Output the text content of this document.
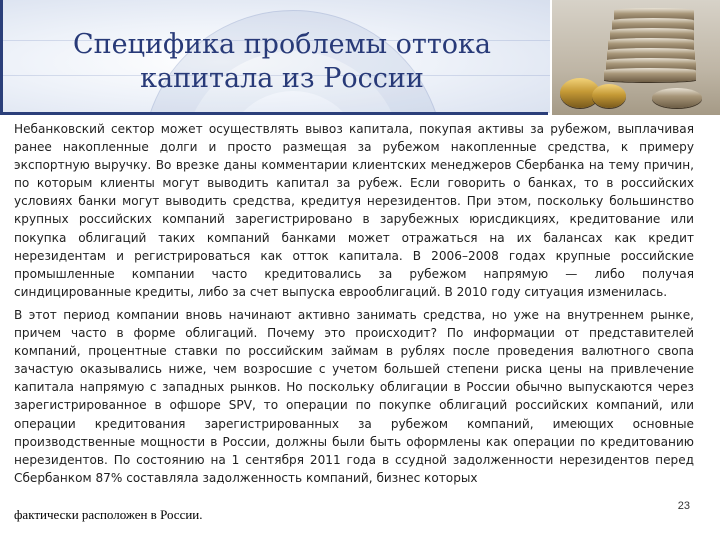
Специфика проблемы оттока
капитала из России

Небанковский сектор может осуществлять вывоз капитала, покупая активы за рубежом, выплачивая ранее накопленные долги и просто размещая за рубежом накопленные средства, к примеру экспортную выручку. Во врезке даны комментарии клиентских менеджеров Сбербанка на тему причин, по которым клиенты могут выводить капитал за рубеж. Если говорить о банках, то в российских условиях банки могут выводить средства, кредитуя нерезидентов. При этом, поскольку большинство крупных российских компаний зарегистрировано в зарубежных юрисдикциях, кредитование или покупка облигаций таких компаний банками может отражаться на их балансах как кредит нерезидентам и регистрироваться как отток капитала. В 2006–2008 годах крупные российские промышленные компании часто кредитовались за рубежом напрямую — либо получая синдицированные кредиты, либо за счет выпуска еврооблигаций. В 2010 году ситуация изменилась.

В этот период компании вновь начинают активно занимать средства, но уже на внутреннем рынке, причем часто в форме облигаций. Почему это происходит? По информации от представителей компаний, процентные ставки по российским займам в рублях после проведения валютного свопа зачастую оказывались ниже, чем возросшие с учетом большей степени риска цены на привлечение капитала напрямую с западных рынков. Но поскольку облигации в России обычно выпускаются через зарегистрированное в офшоре SPV, то операции по покупке облигаций российских компаний, или операции кредитования зарегистрированных за рубежом компаний, имеющих основные производственные мощности в России, должны были быть оформлены как операции по кредитованию нерезидентов. По состоянию на 1 сентября 2011 года в ссудной задолженности нерезидентов перед Сбербанком 87% составляла задолженность компаний, бизнес которых

фактически расположен в России.
23
